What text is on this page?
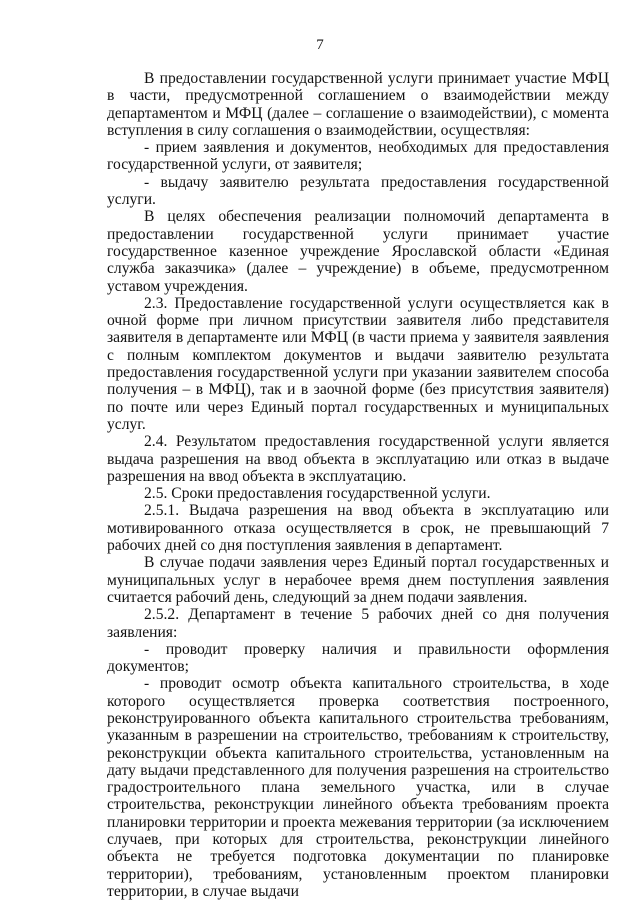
7

В предоставлении государственной услуги принимает участие МФЦ в части, предусмотренной соглашением о взаимодействии между департаментом и МФЦ (далее – соглашение о взаимодействии), с момента вступления в силу соглашения о взаимодействии, осуществляя:

- прием заявления и документов, необходимых для предоставления государственной услуги, от заявителя;

- выдачу заявителю результата предоставления государственной услуги.

В целях обеспечения реализации полномочий департамента в предоставлении государственной услуги принимает участие государственное казенное учреждение Ярославской области «Единая служба заказчика» (далее – учреждение) в объеме, предусмотренном уставом учреждения.

2.3. Предоставление государственной услуги осуществляется как в очной форме при личном присутствии заявителя либо представителя заявителя в департаменте или МФЦ (в части приема у заявителя заявления с полным комплектом документов и выдачи заявителю результата предоставления государственной услуги при указании заявителем способа получения – в МФЦ), так и в заочной форме (без присутствия заявителя) по почте или через Единый портал государственных и муниципальных услуг.

2.4. Результатом предоставления государственной услуги является выдача разрешения на ввод объекта в эксплуатацию или отказ в выдаче разрешения на ввод объекта в эксплуатацию.

2.5. Сроки предоставления государственной услуги.

2.5.1. Выдача разрешения на ввод объекта в эксплуатацию или мотивированного отказа осуществляется в срок, не превышающий 7 рабочих дней со дня поступления заявления в департамент.

В случае подачи заявления через Единый портал государственных и муниципальных услуг в нерабочее время днем поступления заявления считается рабочий день, следующий за днем подачи заявления.

2.5.2. Департамент в течение 5 рабочих дней со дня получения заявления:

- проводит проверку наличия и правильности оформления документов;

- проводит осмотр объекта капитального строительства, в ходе которого осуществляется проверка соответствия построенного, реконструированного объекта капитального строительства требованиям, указанным в разрешении на строительство, требованиям к строительству, реконструкции объекта капитального строительства, установленным на дату выдачи представленного для получения разрешения на строительство градостроительного плана земельного участка, или в случае строительства, реконструкции линейного объекта требованиям проекта планировки территории и проекта межевания территории (за исключением случаев, при которых для строительства, реконструкции линейного объекта не требуется подготовка документации по планировке территории), требованиям, установленным проектом планировки территории, в случае выдачи
